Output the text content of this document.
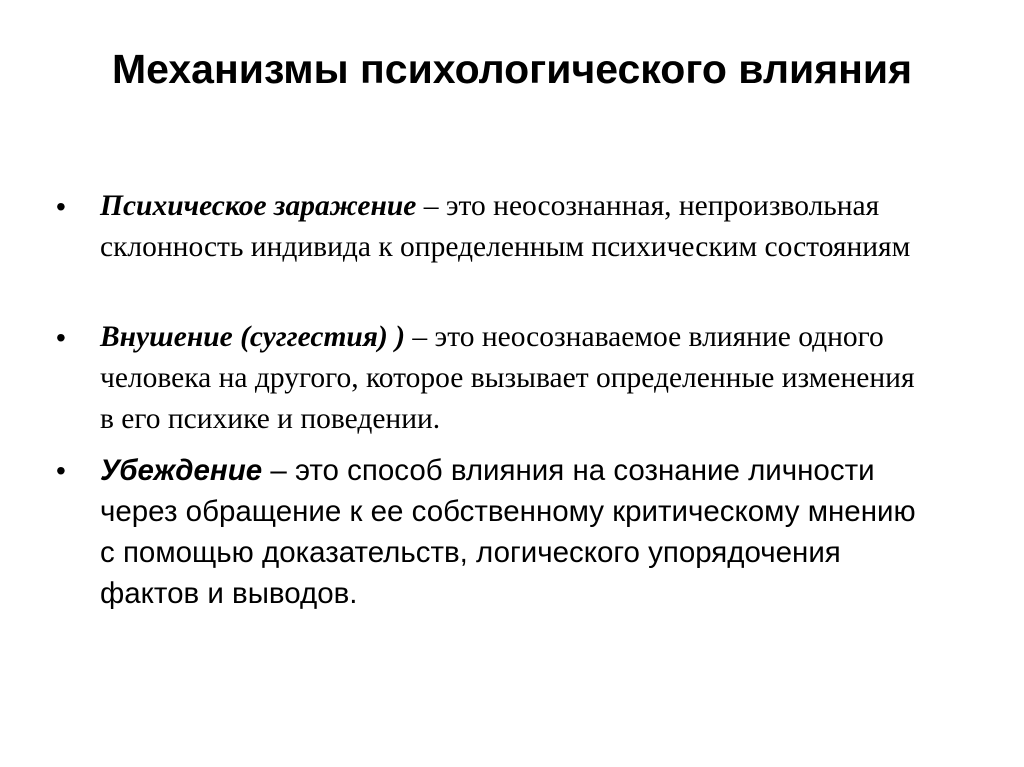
Механизмы психологического влияния
• Психическое заражение – это неосознанная, непроизвольная склонность индивида к определенным психическим состояниям
• Внушение (суггестия) ) – это неосознаваемое влияние одного человека на другого, которое вызывает определенные изменения в его психике и поведении.
• Убеждение – это способ влияния на сознание личности через обращение к ее собственному критическому мнению с помощью доказательств, логического упорядочения фактов и выводов.
